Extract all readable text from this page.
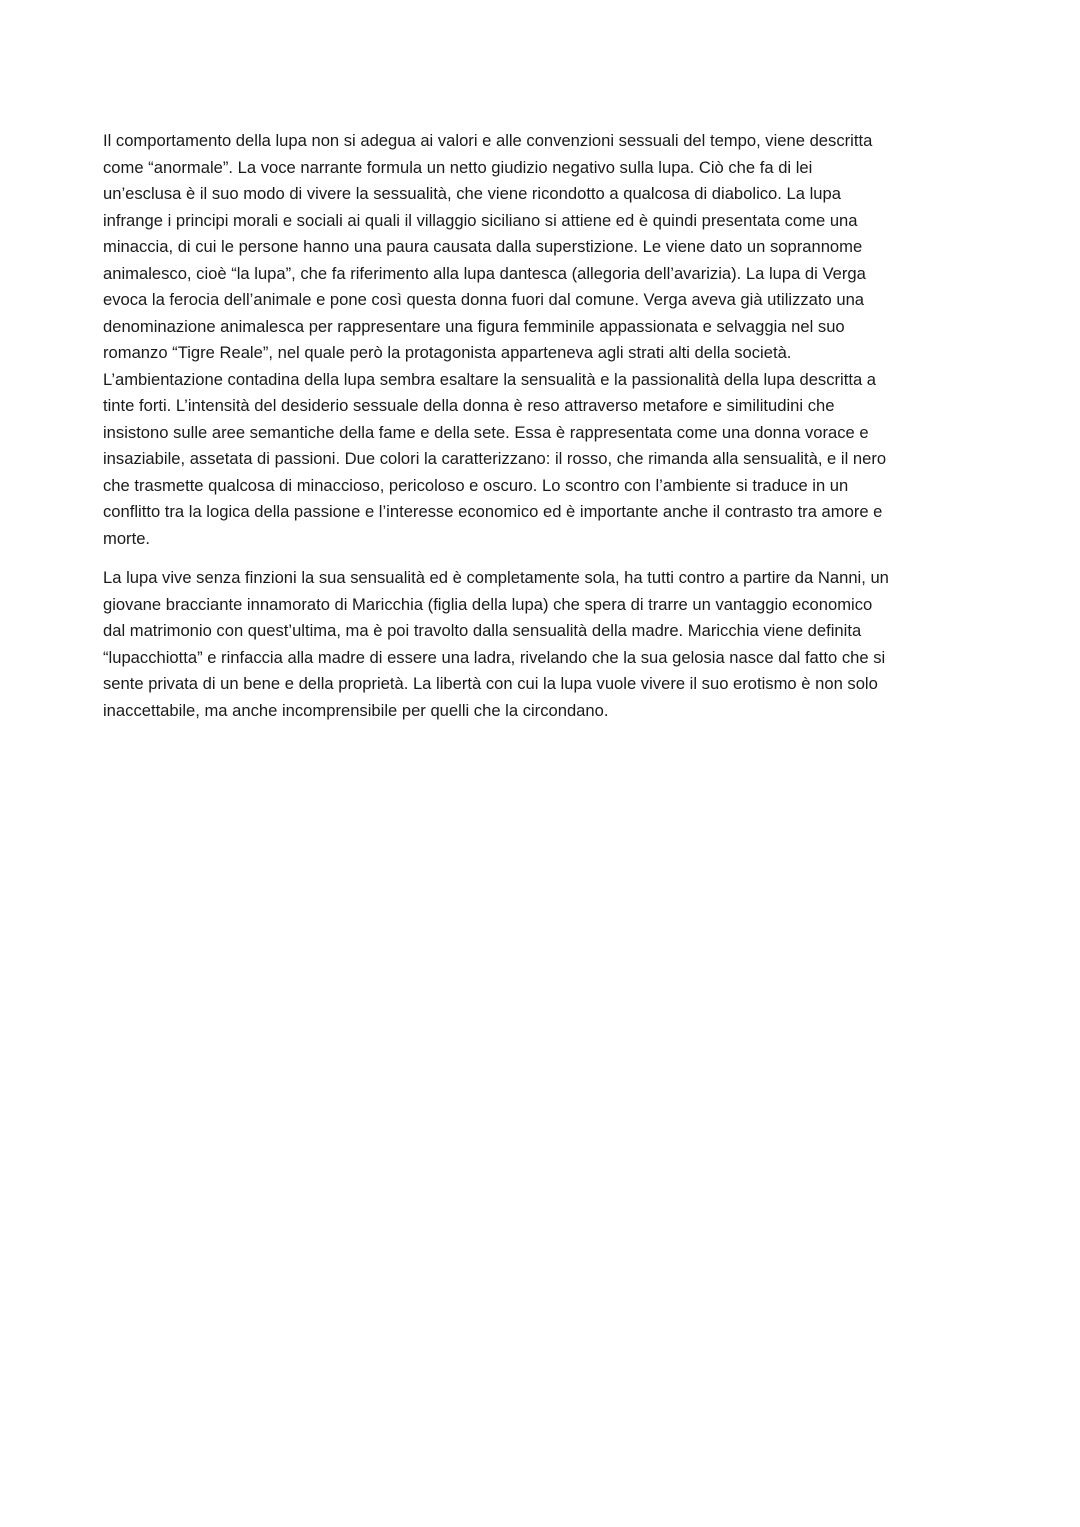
Il comportamento della lupa non si adegua ai valori e alle convenzioni sessuali del tempo, viene descritta
come “anormale”. La voce narrante formula un netto giudizio negativo sulla lupa. Ciò che fa di lei
un’esclusa è il suo modo di vivere la sessualità, che viene ricondotto a qualcosa di diabolico. La lupa
infrange i principi morali e sociali ai quali il villaggio siciliano si attiene ed è quindi presentata come una
minaccia, di cui le persone hanno una paura causata dalla superstizione. Le viene dato un soprannome
animalesco, cioè “la lupa”, che fa riferimento alla lupa dantesca (allegoria dell’avarizia). La lupa di Verga
evoca la ferocia dell’animale e pone così questa donna fuori dal comune. Verga aveva già utilizzato una
denominazione animalesca per rappresentare una figura femminile appassionata e selvaggia nel suo
romanzo “Tigre Reale”, nel quale però la protagonista apparteneva agli strati alti della società.
L’ambientazione contadina della lupa sembra esaltare la sensualità e la passionalità della lupa descritta a
tinte forti. L’intensità del desiderio sessuale della donna è reso attraverso metafore e similitudini che
insistono sulle aree semantiche della fame e della sete. Essa è rappresentata come una donna vorace e
insaziabile, assetata di passioni. Due colori la caratterizzano: il rosso, che rimanda alla sensualità, e il nero
che trasmette qualcosa di minaccioso, pericoloso e oscuro. Lo scontro con l’ambiente si traduce in un
conflitto tra la logica della passione e l’interesse economico ed è importante anche il contrasto tra amore e
morte.

La lupa vive senza finzioni la sua sensualità ed è completamente sola, ha tutti contro a partire da Nanni, un
giovane bracciante innamorato di Maricchia (figlia della lupa) che spera di trarre un vantaggio economico
dal matrimonio con quest’ultima, ma è poi travolto dalla sensualità della madre. Maricchia viene definita
“lupacchiotta” e rinfaccia alla madre di essere una ladra, rivelando che la sua gelosia nasce dal fatto che si
sente privata di un bene e della proprietà. La libertà con cui la lupa vuole vivere il suo erotismo è non solo
inaccettabile, ma anche incomprensibile per quelli che la circondano.
